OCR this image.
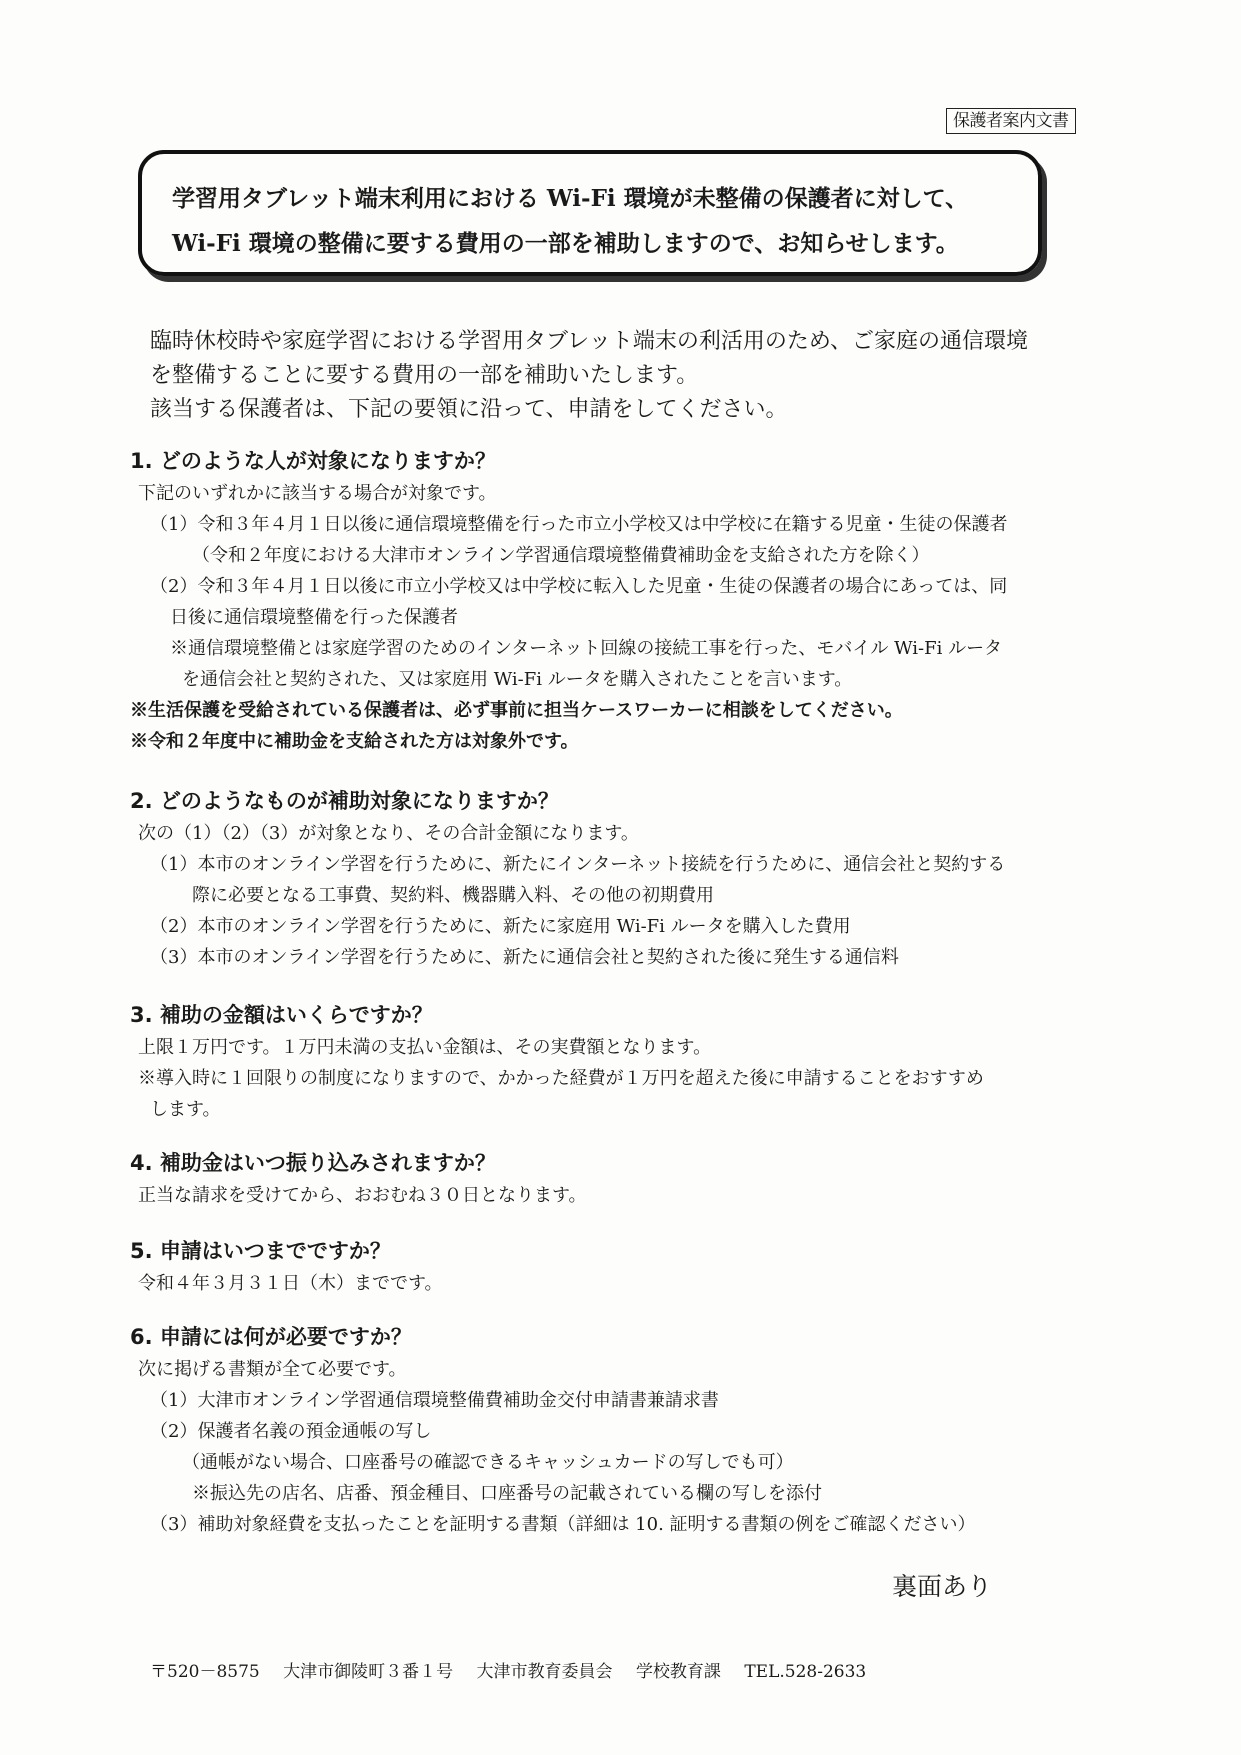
保護者案内文書
学習用タブレット端末利用における Wi-Fi 環境が未整備の保護者に対して、
Wi-Fi 環境の整備に要する費用の一部を補助しますので、お知らせします。
臨時休校時や家庭学習における学習用タブレット端末の利活用のため、ご家庭の通信環境
を整備することに要する費用の一部を補助いたします。
該当する保護者は、下記の要領に沿って、申請をしてください。
1. どのような人が対象になりますか？
下記のいずれかに該当する場合が対象です。
（1）令和３年４月１日以後に通信環境整備を行った市立小学校又は中学校に在籍する児童・生徒の保護者
（令和２年度における大津市オンライン学習通信環境整備費補助金を支給された方を除く）
（2）令和３年４月１日以後に市立小学校又は中学校に転入した児童・生徒の保護者の場合にあっては、同
日後に通信環境整備を行った保護者
※通信環境整備とは家庭学習のためのインターネット回線の接続工事を行った、モバイル Wi-Fi ルータ
を通信会社と契約された、又は家庭用 Wi-Fi ルータを購入されたことを言います。
※生活保護を受給されている保護者は、必ず事前に担当ケースワーカーに相談をしてください。
※令和２年度中に補助金を支給された方は対象外です。
2. どのようなものが補助対象になりますか？
次の（1）（2）（3）が対象となり、その合計金額になります。
（1）本市のオンライン学習を行うために、新たにインターネット接続を行うために、通信会社と契約する
際に必要となる工事費、契約料、機器購入料、その他の初期費用
（2）本市のオンライン学習を行うために、新たに家庭用 Wi-Fi ルータを購入した費用
（3）本市のオンライン学習を行うために、新たに通信会社と契約された後に発生する通信料
3. 補助の金額はいくらですか？
上限１万円です。１万円未満の支払い金額は、その実費額となります。
※導入時に１回限りの制度になりますので、かかった経費が１万円を超えた後に申請することをおすすめ
します。
4. 補助金はいつ振り込みされますか？
正当な請求を受けてから、おおむね３０日となります。
5. 申請はいつまでですか？
令和４年３月３１日（木）までです。
6. 申請には何が必要ですか？
次に掲げる書類が全て必要です。
（1）大津市オンライン学習通信環境整備費補助金交付申請書兼請求書
（2）保護者名義の預金通帳の写し
（通帳がない場合、口座番号の確認できるキャッシュカードの写しでも可）
※振込先の店名、店番、預金種目、口座番号の記載されている欄の写しを添付
（3）補助対象経費を支払ったことを証明する書類（詳細は 10. 証明する書類の例をご確認ください）
裏面あり
〒520－8575 大津市御陵町３番１号 大津市教育委員会 学校教育課 TEL.528-2633
